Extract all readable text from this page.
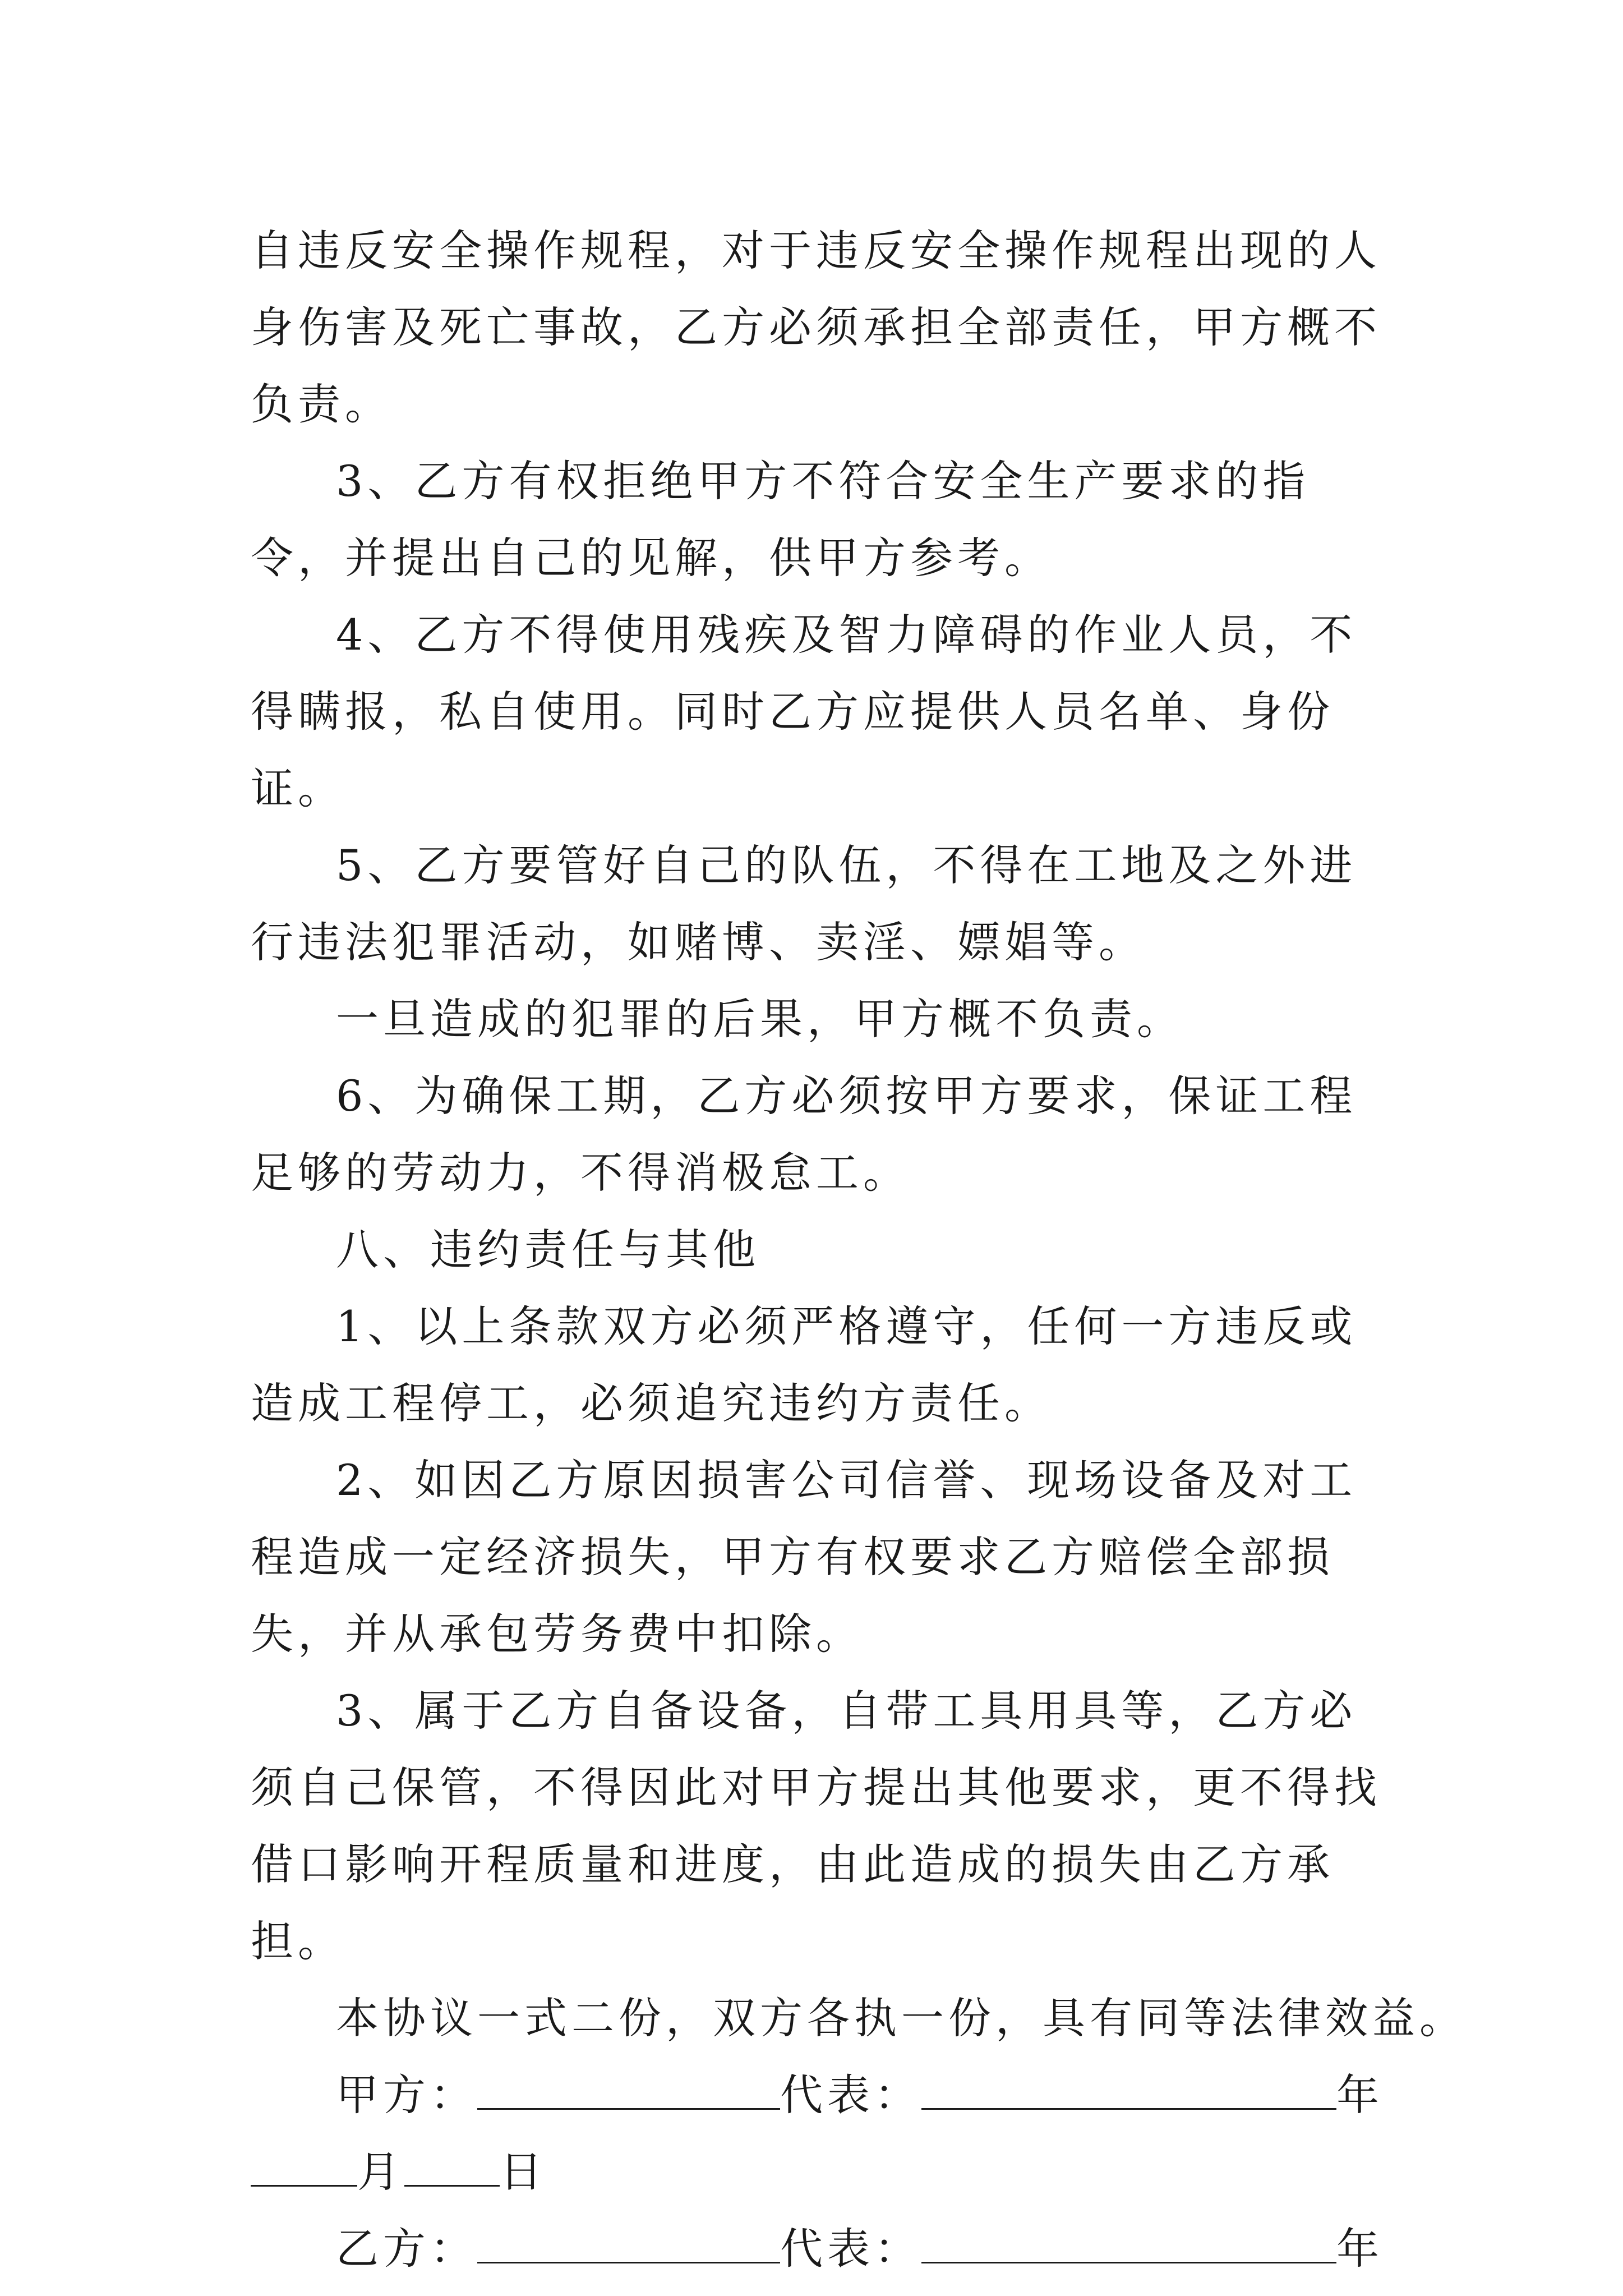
自违反安全操作规程，对于违反安全操作规程出现的人身伤害及死亡事故，乙方必须承担全部责任，甲方概不负责。

3、乙方有权拒绝甲方不符合安全生产要求的指令，并提出自己的见解，供甲方参考。

4、乙方不得使用残疾及智力障碍的作业人员，不得瞒报，私自使用。同时乙方应提供人员名单、身份证。

5、乙方要管好自己的队伍，不得在工地及之外进行违法犯罪活动，如赌博、卖淫、嫖娼等。

一旦造成的犯罪的后果，甲方概不负责。

6、为确保工期，乙方必须按甲方要求，保证工程足够的劳动力，不得消极怠工。

八、违约责任与其他

1、以上条款双方必须严格遵守，任何一方违反或造成工程停工，必须追究违约方责任。

2、如因乙方原因损害公司信誉、现场设备及对工程造成一定经济损失，甲方有权要求乙方赔偿全部损失，并从承包劳务费中扣除。

3、属于乙方自备设备，自带工具用具等，乙方必须自己保管，不得因此对甲方提出其他要求，更不得找借口影响开程质量和进度，由此造成的损失由乙方承担。

本协议一式二份，双方各执一份，具有同等法律效益。

甲方：	代表：	年

月 日

乙方：	代表：	年
